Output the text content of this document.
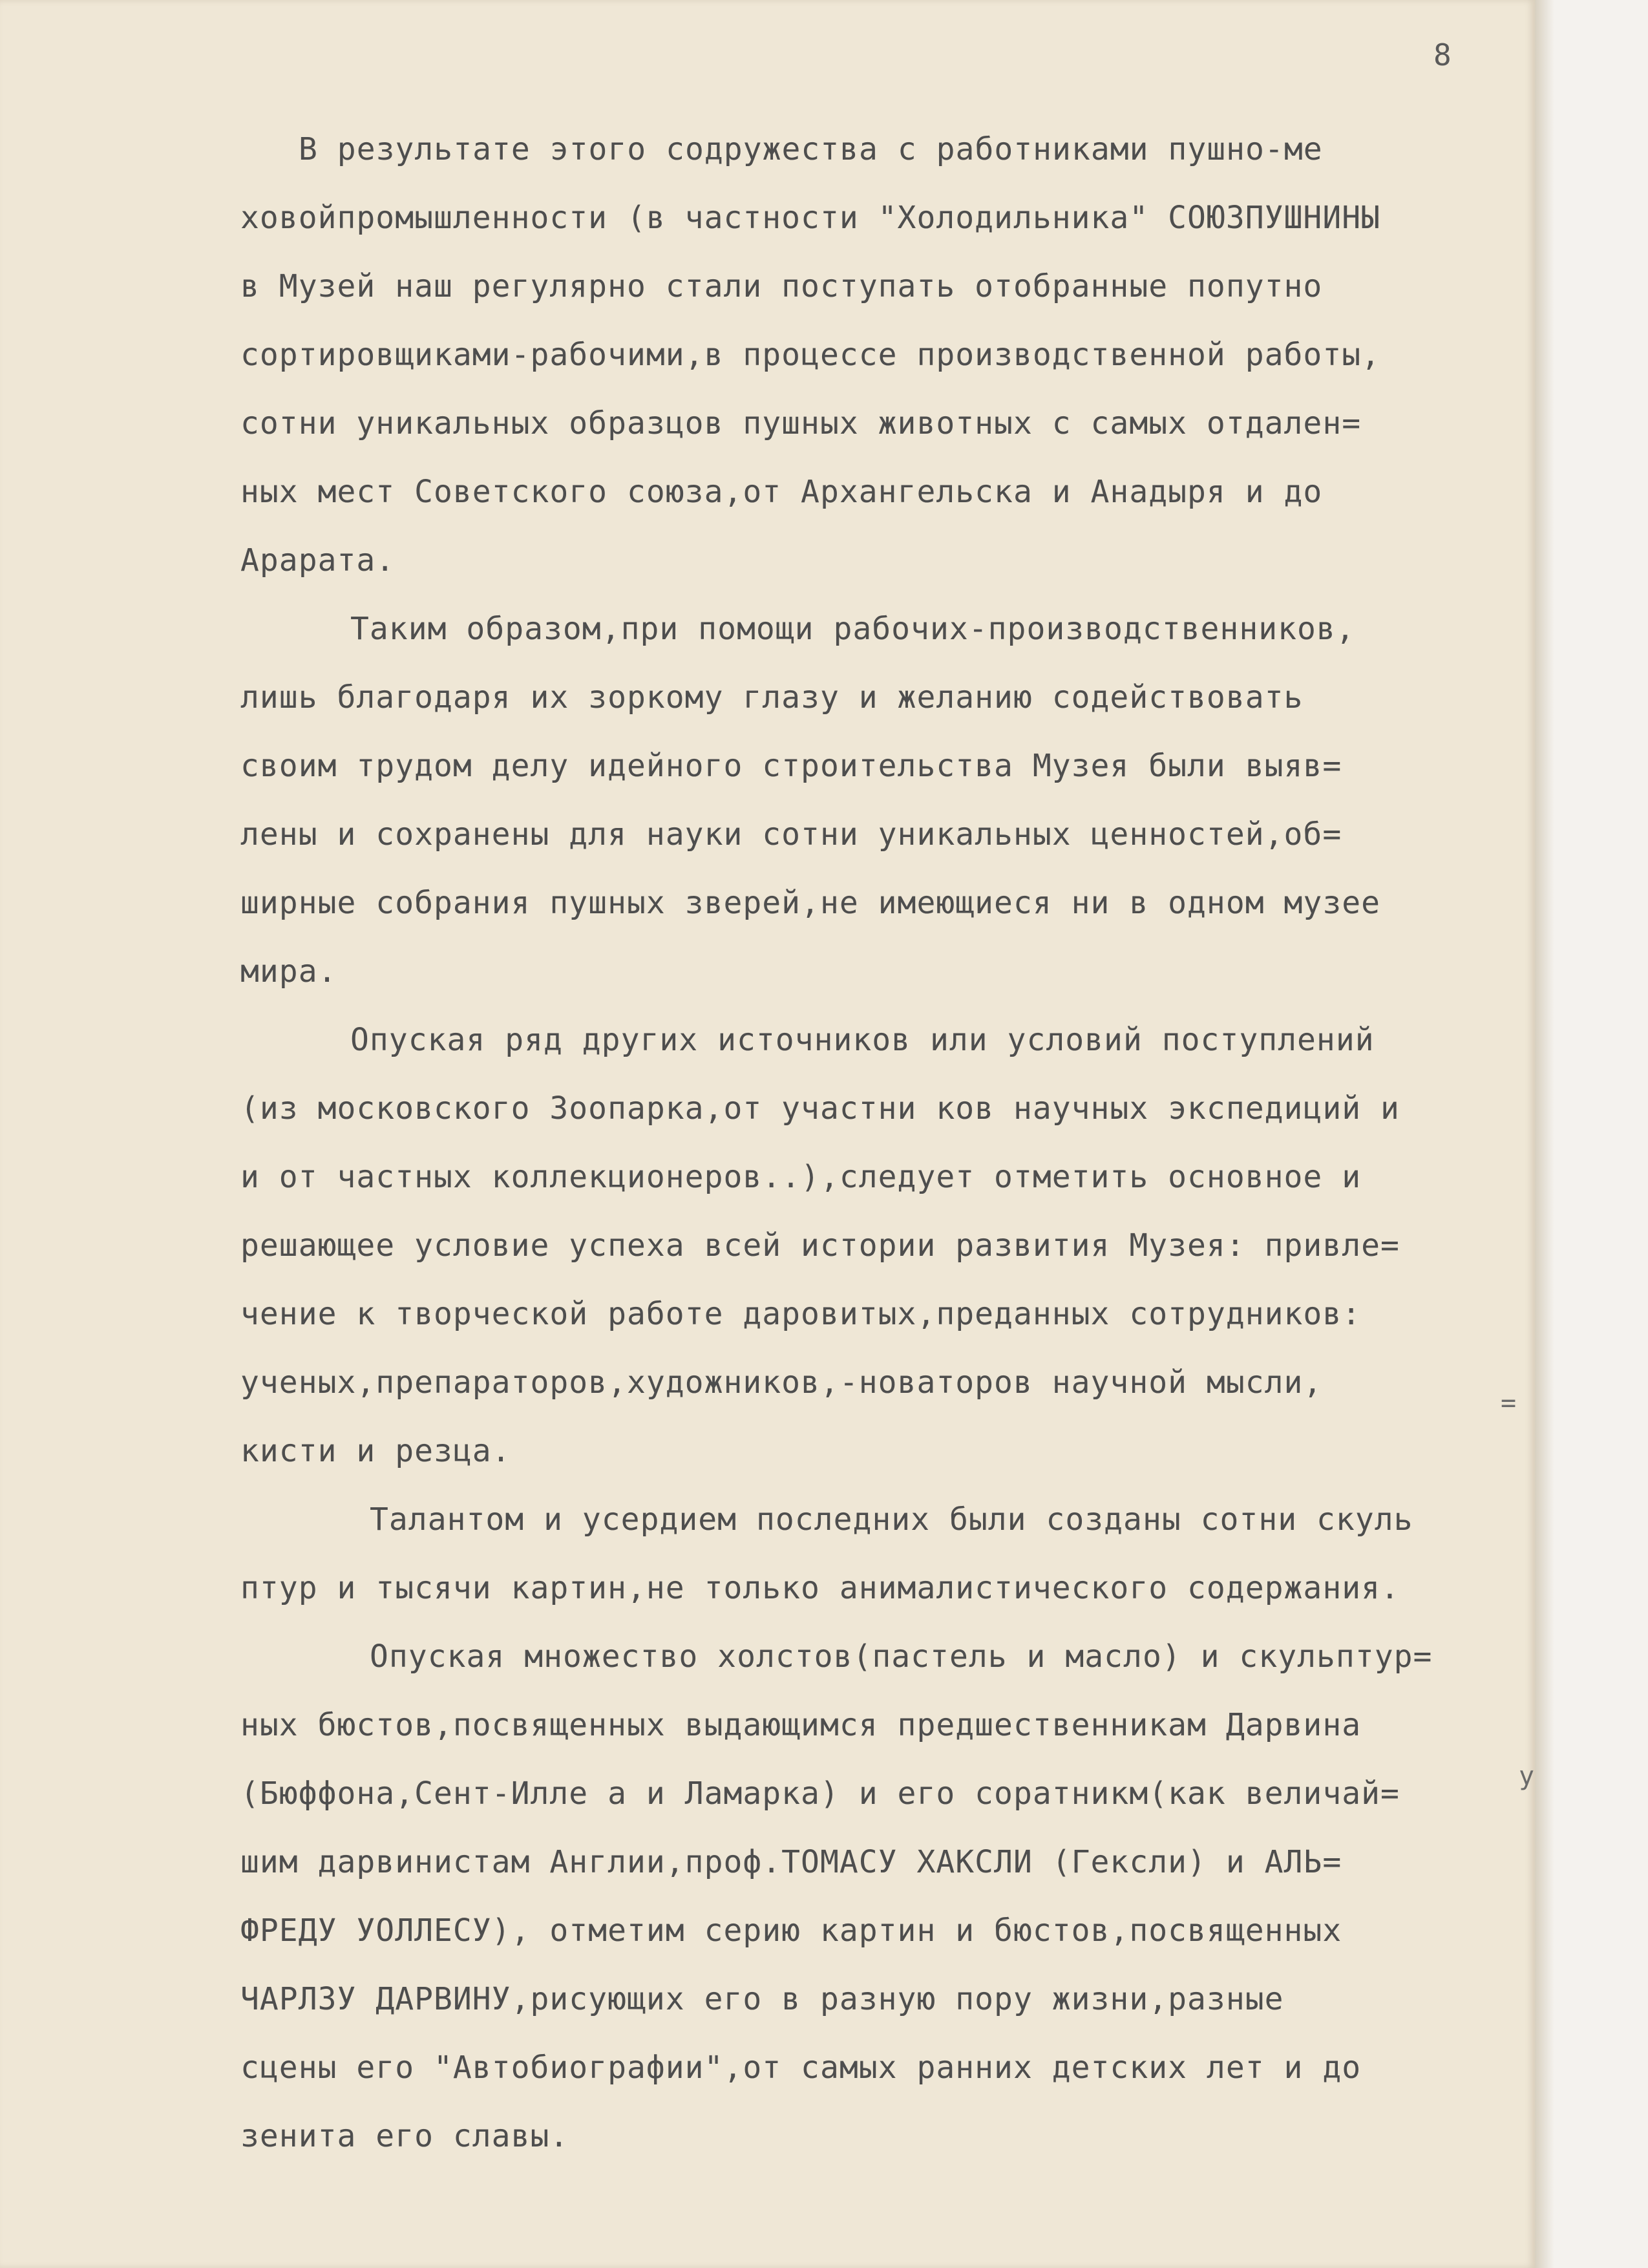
8
В результате этого содружества с работниками пушно-ме
ховойпромышленности (в частности "Холодильника" СОЮЗПУШНИНЫ
в Музей наш регулярно стали поступать отобранные попутно
сортировщиками-рабочими,в процессе производственной работы,
сотни уникальных образцов пушных животных с самых отдален=
ных мест Советского союза,от Архангельска и Анадыря и до
Арарата.
Таким образом,при помощи рабочих-производственников,
лишь благодаря их зоркому глазу и желанию содействовать
своим трудом делу идейного строительства Музея были выяв=
лены и сохранены для науки сотни уникальных ценностей,об=
ширные собрания пушных зверей,не имеющиеся ни в одном музее
мира.
Опуская ряд других источников или условий поступлений
(из московского Зоопарка,от участни ков научных экспедиций и
и от частных коллекционеров..),следует отметить основное и
решающее условие успеха всей истории развития Музея: привле=
чение к творческой работе даровитых,преданных сотрудников:
ученых,препараторов,художников,-новаторов научной мысли,
кисти и резца.
Талантом и усердием последних были созданы сотни скуль
птур и тысячи картин,не только анималистического содержания.
Опуская множество холстов(пастель и масло) и скульптур=
ных бюстов,посвященных выдающимся предшественникам Дарвина
(Бюффона,Сент-Илле а и Ламарка) и его соратникм(как величай=
шим дарвинистам Англии,проф.ТОМАСУ ХАКСЛИ (Гексли) и АЛЬ=
ФРЕДУ УОЛЛЕСУ), отметим серию картин и бюстов,посвященных
ЧАРЛЗУ ДАРВИНУ,рисующих его в разную пору жизни,разные
сцены его "Автобиографии",от самых ранних детских лет и до
зенита его славы.
=
у
